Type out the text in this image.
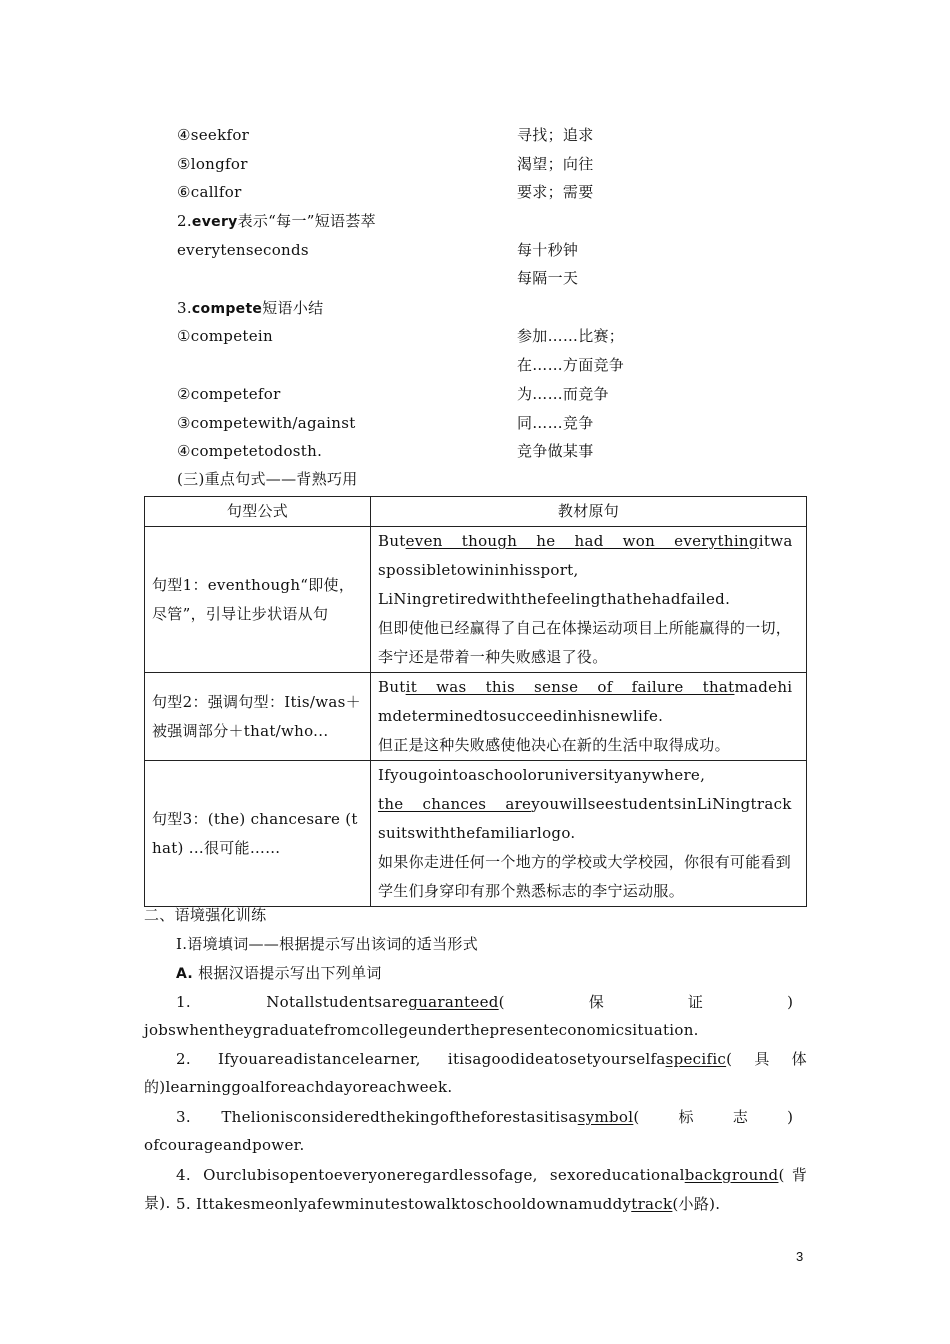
④seekfor	寻找；追求
⑤longfor	渴望；向往
⑥callfor	要求；需要
2.every表示“每一”短语荟萃
everytenseconds	每十秒钟
每隔一天
3.compete短语小结
①competein	参加……比赛；
在……方面竞争
②competefor	为……而竞争
③competewith/against	同……竞争
④competetodosth.	竞争做某事
(三)重点句式——背熟巧用
句型公式	教材原句
句型1：eventhough“即使，尽管”，引导让步状语从句	Buteven though he had won everythingitwaspossibletowininhissport,
LiNingretiredwiththefeelingthathehadfailed.
但即使他已经赢得了自己在体操运动项目上所能赢得的一切，李宁还是带着一种失败感退了役。
句型2：强调句型：Itis/was＋被强调部分＋that/who...	Butit was this sense of failure thatmadehimdeterminedtosucceedinhisnewlife.
但正是这种失败感使他决心在新的生活中取得成功。
句型3：(the) chancesare (that) ...很可能……	Ifyougointoaschooloruniversityanywhere,
the chances areyouwillseestudentsinLiNingtracksuitswiththefamiliarlogo.
如果你走进任何一个地方的学校或大学校园，你很有可能看到学生们身穿印有那个熟悉标志的李宁运动服。
二、语境强化训练
Ⅰ.语境填词——根据提示写出该词的适当形式
A. 根据汉语提示写出下列单词
1.	Notallstudentsareguaranteed(保证) jobswhentheygraduatefromcollegeunderthepresenteconomicsituation.
2. Ifyouareadistancelearner, itisagoodideatosetyourselfaspecific(具体的)learninggoalforeachdayoreachweek.
3. Thelionisconsideredthekingoftheforestasitisasymbol(标志) ofcourageandpower.
4. Ourclubisopentoeveryoneregardlessofage, sexoreducationalbackground(背景). 5. Ittakesmeonlyafewminutestowalktoschooldownamuddytrack(小路).
3
